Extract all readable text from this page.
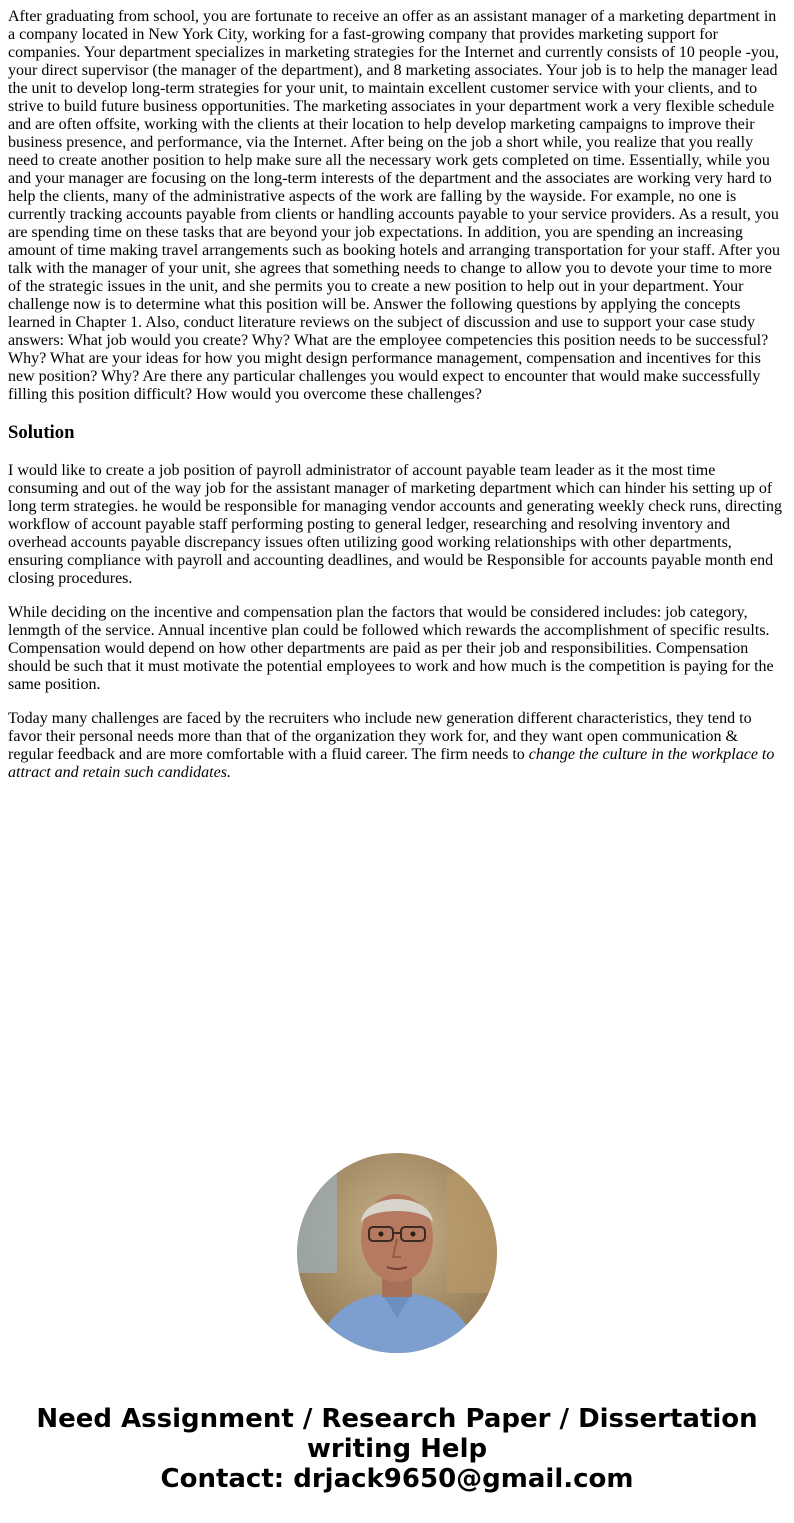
After graduating from school, you are fortunate to receive an offer as an assistant manager of a marketing department in a company located in New York City, working for a fast-growing company that provides marketing support for companies. Your department specializes in marketing strategies for the Internet and currently consists of 10 people -you, your direct supervisor (the manager of the department), and 8 marketing associates. Your job is to help the manager lead the unit to develop long-term strategies for your unit, to maintain excellent customer service with your clients, and to strive to build future business opportunities. The marketing associates in your department work a very flexible schedule and are often offsite, working with the clients at their location to help develop marketing campaigns to improve their business presence, and performance, via the Internet. After being on the job a short while, you realize that you really need to create another position to help make sure all the necessary work gets completed on time. Essentially, while you and your manager are focusing on the long-term interests of the department and the associates are working very hard to help the clients, many of the administrative aspects of the work are falling by the wayside. For example, no one is currently tracking accounts payable from clients or handling accounts payable to your service providers. As a result, you are spending time on these tasks that are beyond your job expectations. In addition, you are spending an increasing amount of time making travel arrangements such as booking hotels and arranging transportation for your staff. After you talk with the manager of your unit, she agrees that something needs to change to allow you to devote your time to more of the strategic issues in the unit, and she permits you to create a new position to help out in your department. Your challenge now is to determine what this position will be. Answer the following questions by applying the concepts learned in Chapter 1. Also, conduct literature reviews on the subject of discussion and use to support your case study answers: What job would you create? Why? What are the employee competencies this position needs to be successful? Why? What are your ideas for how you might design performance management, compensation and incentives for this new position? Why? Are there any particular challenges you would expect to encounter that would make successfully filling this position difficult? How would you overcome these challenges?

Solution

I would like to create a job position of payroll administrator of account payable team leader as it the most time consuming and out of the way job for the assistant manager of marketing department which can hinder his setting up of long term strategies. he would be responsible for managing vendor accounts and generating weekly check runs, directing workflow of account payable staff performing posting to general ledger, researching and resolving inventory and overhead accounts payable discrepancy issues often utilizing good working relationships with other departments, ensuring compliance with payroll and accounting deadlines, and would be Responsible for accounts payable month end closing procedures.

While deciding on the incentive and compensation plan the factors that would be considered includes: job category, lenmgth of the service. Annual incentive plan could be followed which rewards the accomplishment of specific results. Compensation would depend on how other departments are paid as per their job and responsibilities. Compensation should be such that it must motivate the potential employees to work and how much is the competition is paying for the same position.

Today many challenges are faced by the recruiters who include new generation different characteristics, they tend to favor their personal needs more than that of the organization they work for, and they want open communication & regular feedback and are more comfortable with a fluid career. The firm needs to change the culture in the workplace to attract and retain such candidates.

Need Assignment / Research Paper / Dissertation writing Help
Contact: drjack9650@gmail.com
